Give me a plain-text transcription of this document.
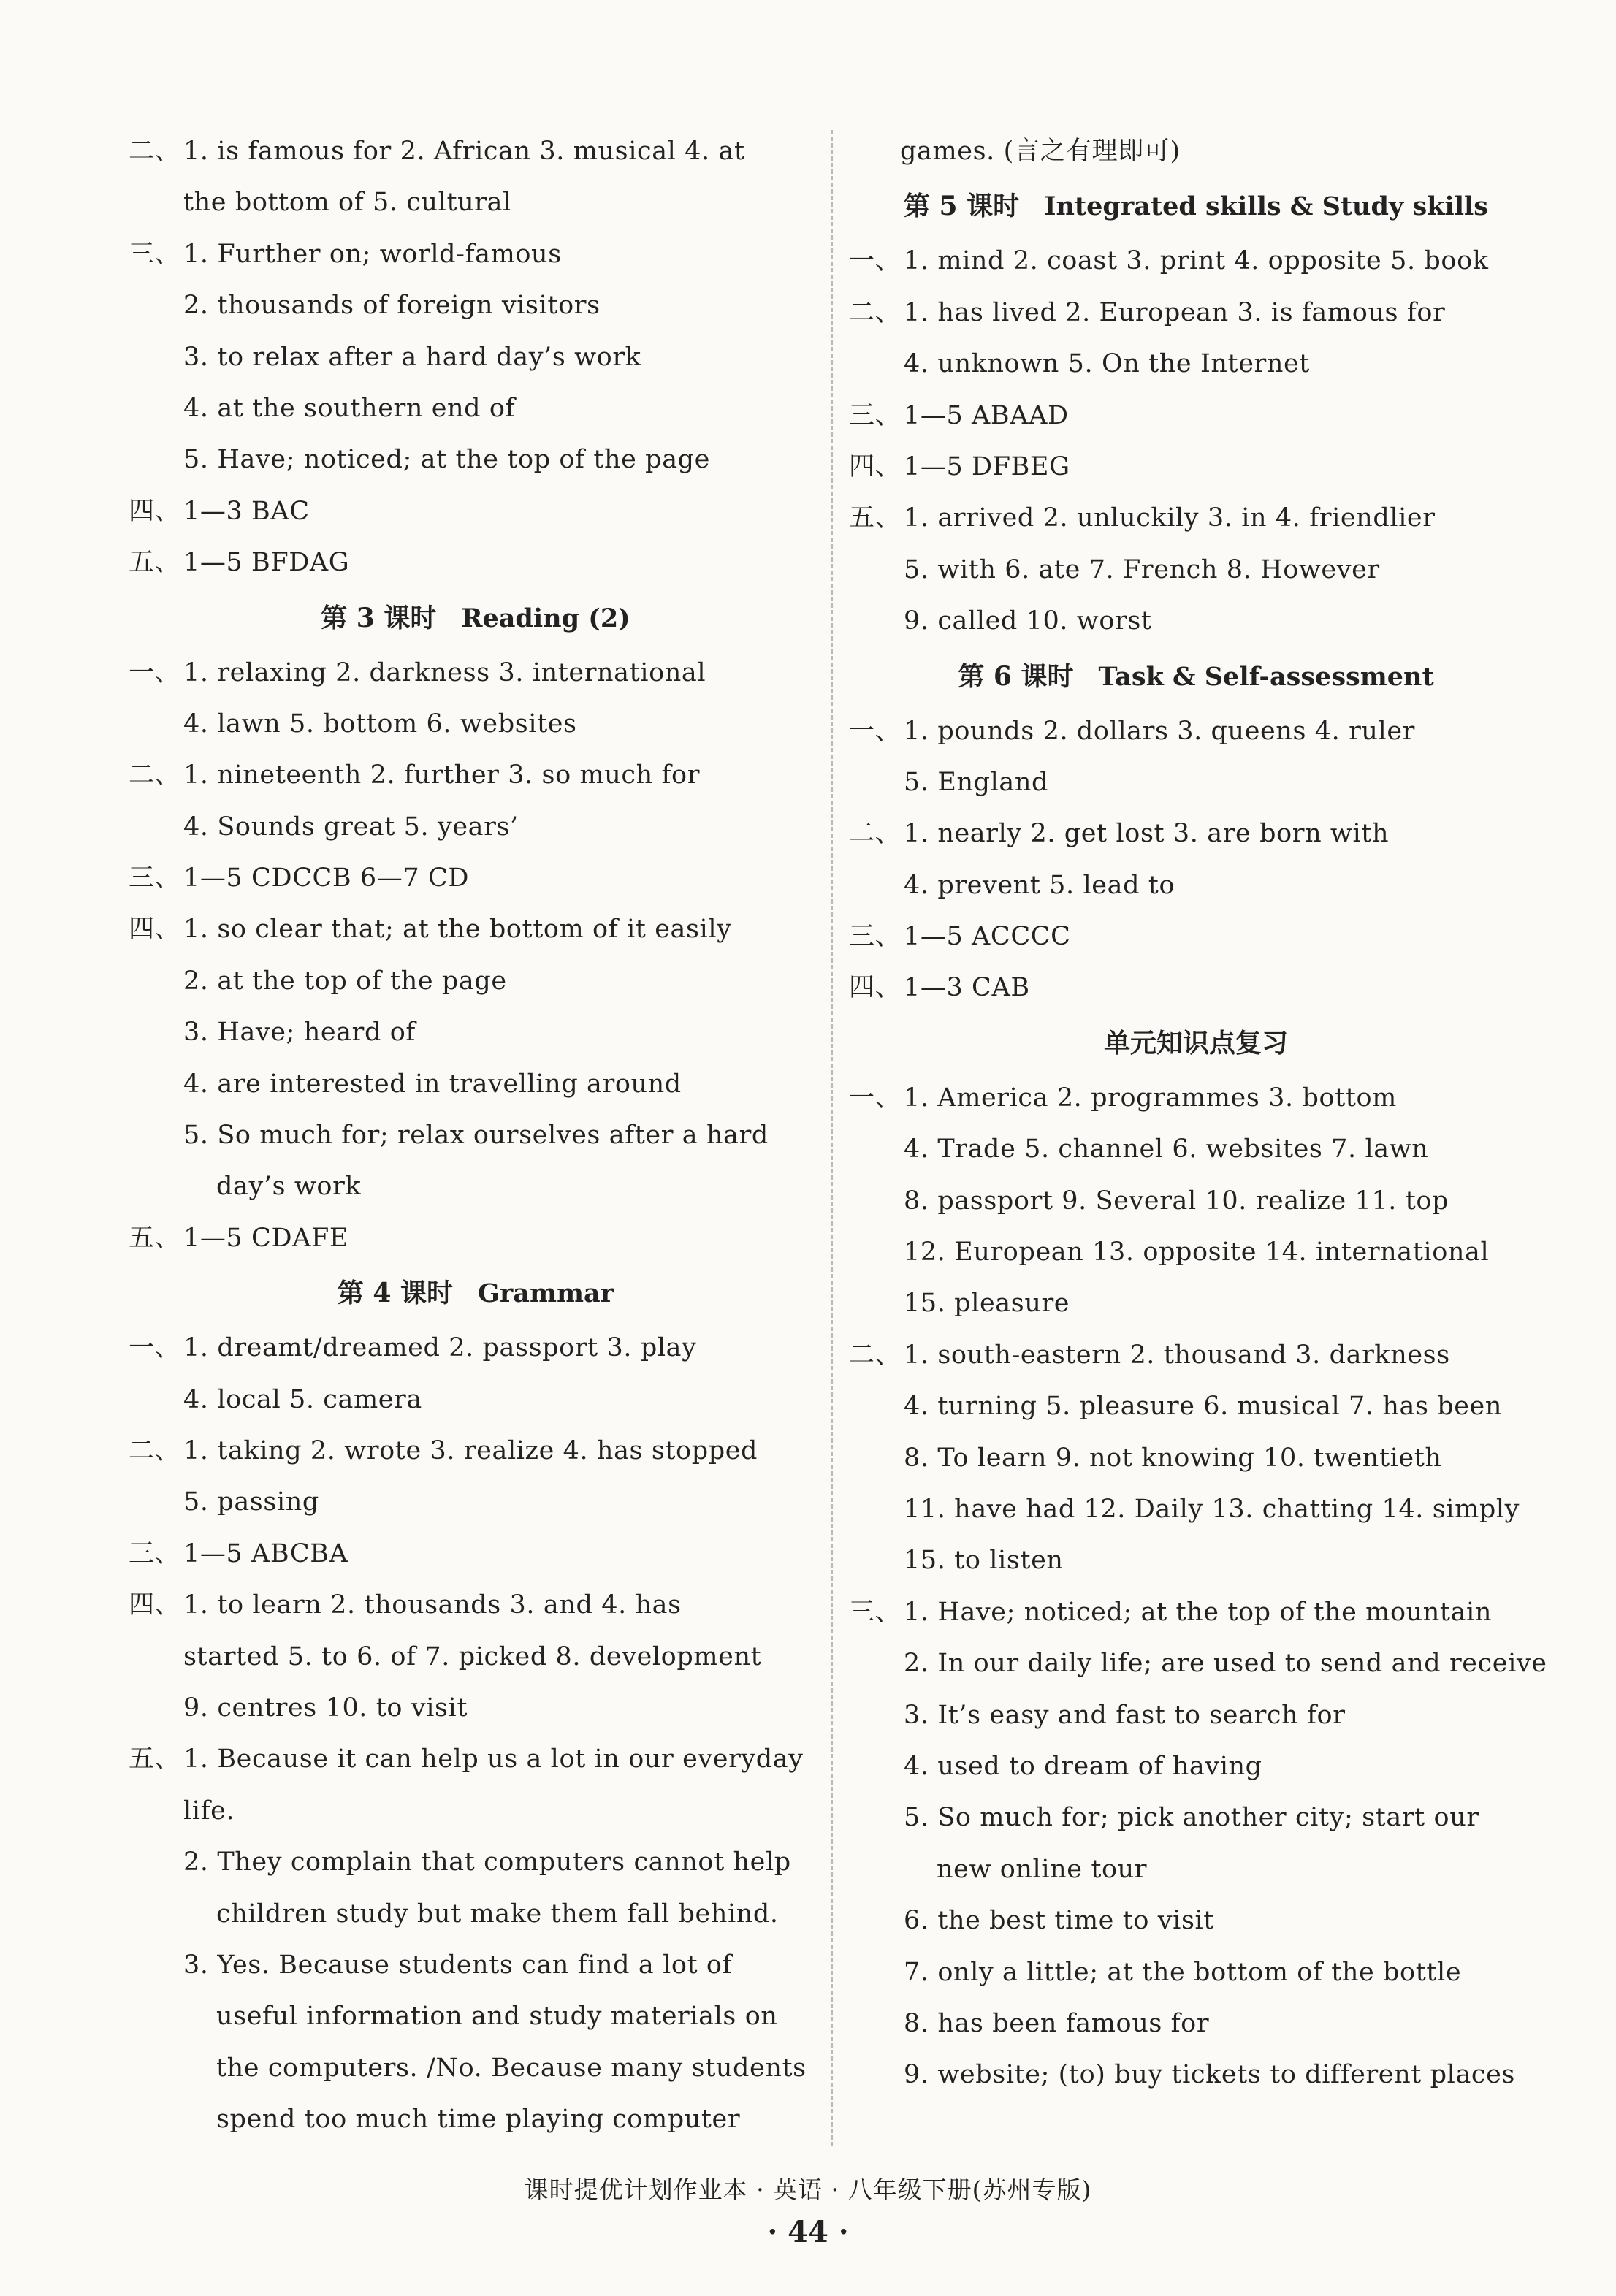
二、 1. is famous for 2. African 3. musical 4. at
the bottom of 5. cultural
三、 1. Further on; world-famous
2. thousands of foreign visitors
3. to relax after a hard day’s work
4. at the southern end of
5. Have; noticed; at the top of the page
四、 1—3 BAC
五、 1—5 BFDAG
第 3 课时 Reading (2)
一、 1. relaxing 2. darkness 3. international
4. lawn 5. bottom 6. websites
二、 1. nineteenth 2. further 3. so much for
4. Sounds great 5. years’
三、 1—5 CDCCB 6—7 CD
四、 1. so clear that; at the bottom of it easily
2. at the top of the page
3. Have; heard of
4. are interested in travelling around
5. So much for; relax ourselves after a hard
day’s work
五、 1—5 CDAFE
第 4 课时 Grammar
一、 1. dreamt/dreamed 2. passport 3. play
4. local 5. camera
二、 1. taking 2. wrote 3. realize 4. has stopped
5. passing
三、 1—5 ABCBA
四、 1. to learn 2. thousands 3. and 4. has
started 5. to 6. of 7. picked 8. development
9. centres 10. to visit
五、 1. Because it can help us a lot in our everyday
life.
2. They complain that computers cannot help
children study but make them fall behind.
3. Yes. Because students can find a lot of
useful information and study materials on
the computers. /No. Because many students
spend too much time playing computer
games. (言之有理即可)
第 5 课时 Integrated skills & Study skills
一、 1. mind 2. coast 3. print 4. opposite 5. book
二、 1. has lived 2. European 3. is famous for
4. unknown 5. On the Internet
三、 1—5 ABAAD
四、 1—5 DFBEG
五、 1. arrived 2. unluckily 3. in 4. friendlier
5. with 6. ate 7. French 8. However
9. called 10. worst
第 6 课时 Task & Self-assessment
一、 1. pounds 2. dollars 3. queens 4. ruler
5. England
二、 1. nearly 2. get lost 3. are born with
4. prevent 5. lead to
三、 1—5 ACCCC
四、 1—3 CAB
单元知识点复习
一、 1. America 2. programmes 3. bottom
4. Trade 5. channel 6. websites 7. lawn
8. passport 9. Several 10. realize 11. top
12. European 13. opposite 14. international
15. pleasure
二、 1. south-eastern 2. thousand 3. darkness
4. turning 5. pleasure 6. musical 7. has been
8. To learn 9. not knowing 10. twentieth
11. have had 12. Daily 13. chatting 14. simply
15. to listen
三、 1. Have; noticed; at the top of the mountain
2. In our daily life; are used to send and receive
3. It’s easy and fast to search for
4. used to dream of having
5. So much for; pick another city; start our
new online tour
6. the best time to visit
7. only a little; at the bottom of the bottle
8. has been famous for
9. website; (to) buy tickets to different places
课时提优计划作业本 · 英语 · 八年级下册(苏州专版)
· 44 ·
